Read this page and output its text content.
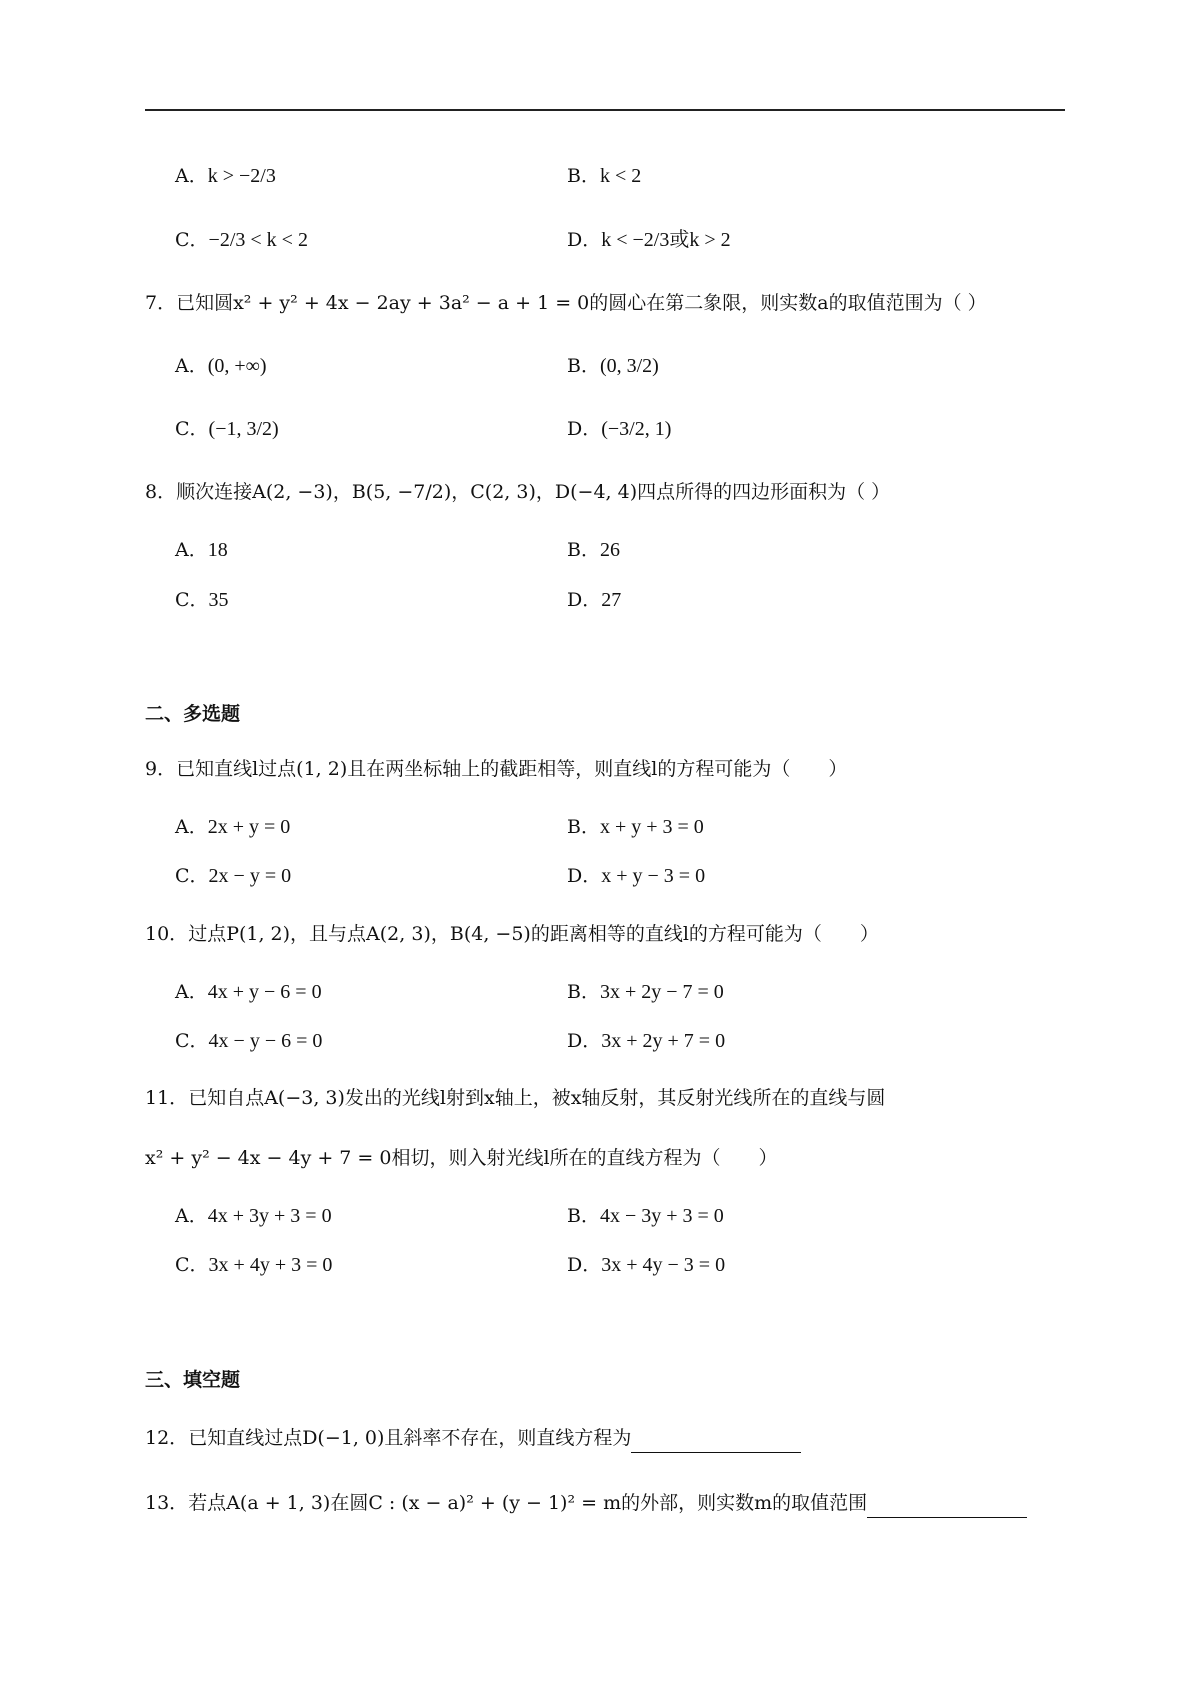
A．k > −2/3	B．k < 2
C．−2/3 < k < 2	D．k < −2/3或k > 2
7．已知圆x² + y² + 4x − 2ay + 3a² − a + 1 = 0的圆心在第二象限，则实数a的取值范围为（ ）
A．(0, +∞)	B．(0, 3/2)
C．(−1, 3/2)	D．(−3/2, 1)
8．顺次连接A(2, −3)，B(5, −7/2)，C(2, 3)，D(−4, 4)四点所得的四边形面积为（ ）
A．18	B．26
C．35	D．27
二、多选题
9．已知直线l过点(1, 2)且在两坐标轴上的截距相等，则直线l的方程可能为（　　）
A．2x + y = 0	B．x + y + 3 = 0
C．2x − y = 0	D．x + y − 3 = 0
10．过点P(1, 2)，且与点A(2, 3)，B(4, −5)的距离相等的直线l的方程可能为（　　）
A．4x + y − 6 = 0	B．3x + 2y − 7 = 0
C．4x − y − 6 = 0	D．3x + 2y + 7 = 0
11．已知自点A(−3, 3)发出的光线l射到x轴上，被x轴反射，其反射光线所在的直线与圆
x² + y² − 4x − 4y + 7 = 0相切，则入射光线l所在的直线方程为（　　）
A．4x + 3y + 3 = 0	B．4x − 3y + 3 = 0
C．3x + 4y + 3 = 0	D．3x + 4y − 3 = 0
三、填空题
12．已知直线过点D(−1, 0)且斜率不存在，则直线方程为
13．若点A(a + 1, 3)在圆C : (x − a)² + (y − 1)² = m的外部，则实数m的取值范围
